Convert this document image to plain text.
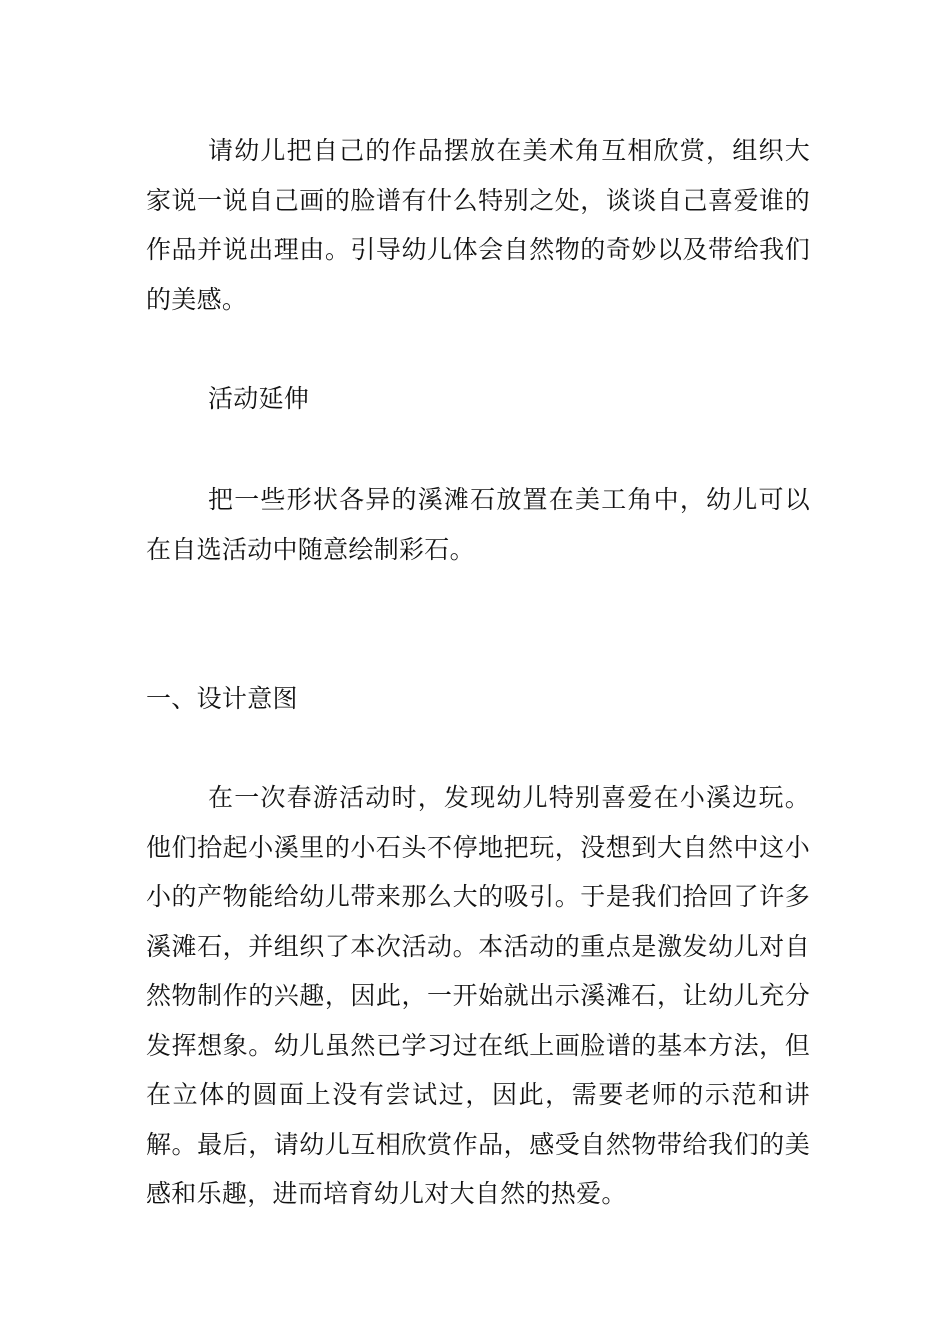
请幼儿把自己的作品摆放在美术角互相欣赏，组织大家说一说自己画的脸谱有什么特别之处，谈谈自己喜爱谁的作品并说出理由。引导幼儿体会自然物的奇妙以及带给我们的美感。

活动延伸

把一些形状各异的溪滩石放置在美工角中，幼儿可以在自选活动中随意绘制彩石。

一、设计意图

在一次春游活动时，发现幼儿特别喜爱在小溪边玩。他们拾起小溪里的小石头不停地把玩，没想到大自然中这小小的产物能给幼儿带来那么大的吸引。于是我们拾回了许多溪滩石，并组织了本次活动。本活动的重点是激发幼儿对自然物制作的兴趣，因此，一开始就出示溪滩石，让幼儿充分发挥想象。幼儿虽然已学习过在纸上画脸谱的基本方法，但在立体的圆面上没有尝试过，因此，需要老师的示范和讲解。最后，请幼儿互相欣赏作品，感受自然物带给我们的美感和乐趣，进而培育幼儿对大自然的热爱。
